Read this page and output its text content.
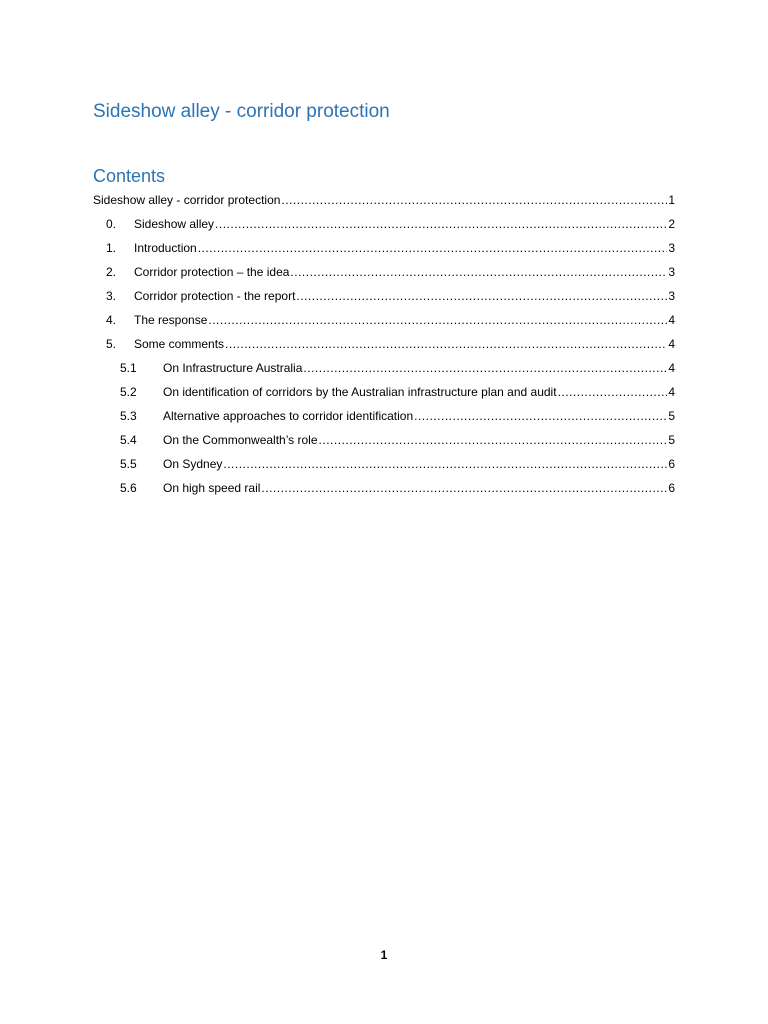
Sideshow alley - corridor protection
Contents
Sideshow alley - corridor protection .....	1
0.	Sideshow alley .....	2
1.	Introduction .....	3
2.	Corridor protection – the idea .....	3
3.	Corridor protection - the report .....	3
4.	The response .....	4
5.	Some comments .....	4
5.1	On Infrastructure Australia .....	4
5.2	On identification of corridors by the Australian infrastructure plan and audit .....	4
5.3	Alternative approaches to corridor identification .....	5
5.4	On the Commonwealth’s role .....	5
5.5	On Sydney .....	6
5.6	On high speed rail .....	6
1
